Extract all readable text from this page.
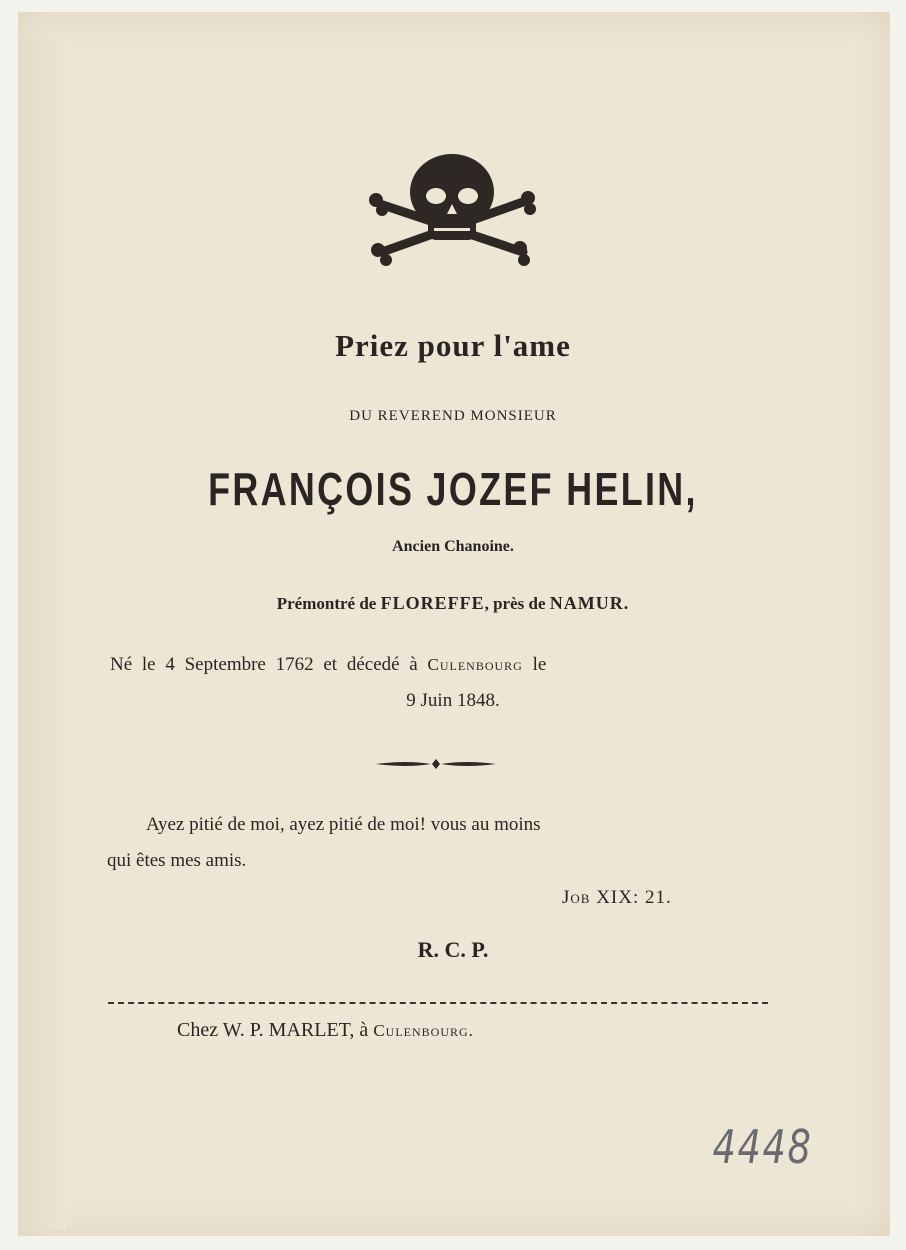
Priez pour l'ame
DU REVEREND MONSIEUR
FRANÇOIS JOZEF HELIN,
Ancien Chanoine.
Prémontré de FLOREFFE, près de NAMUR.
Né le 4 Septembre 1762 et décedé à Culenbourg le
9 Juin 1848.
Ayez pitié de moi, ayez pitié de moi! vous au moins
qui êtes mes amis.
Job XIX: 21.
R. C. P.
Chez W. P. MARLET, à Culenbourg.
4448
